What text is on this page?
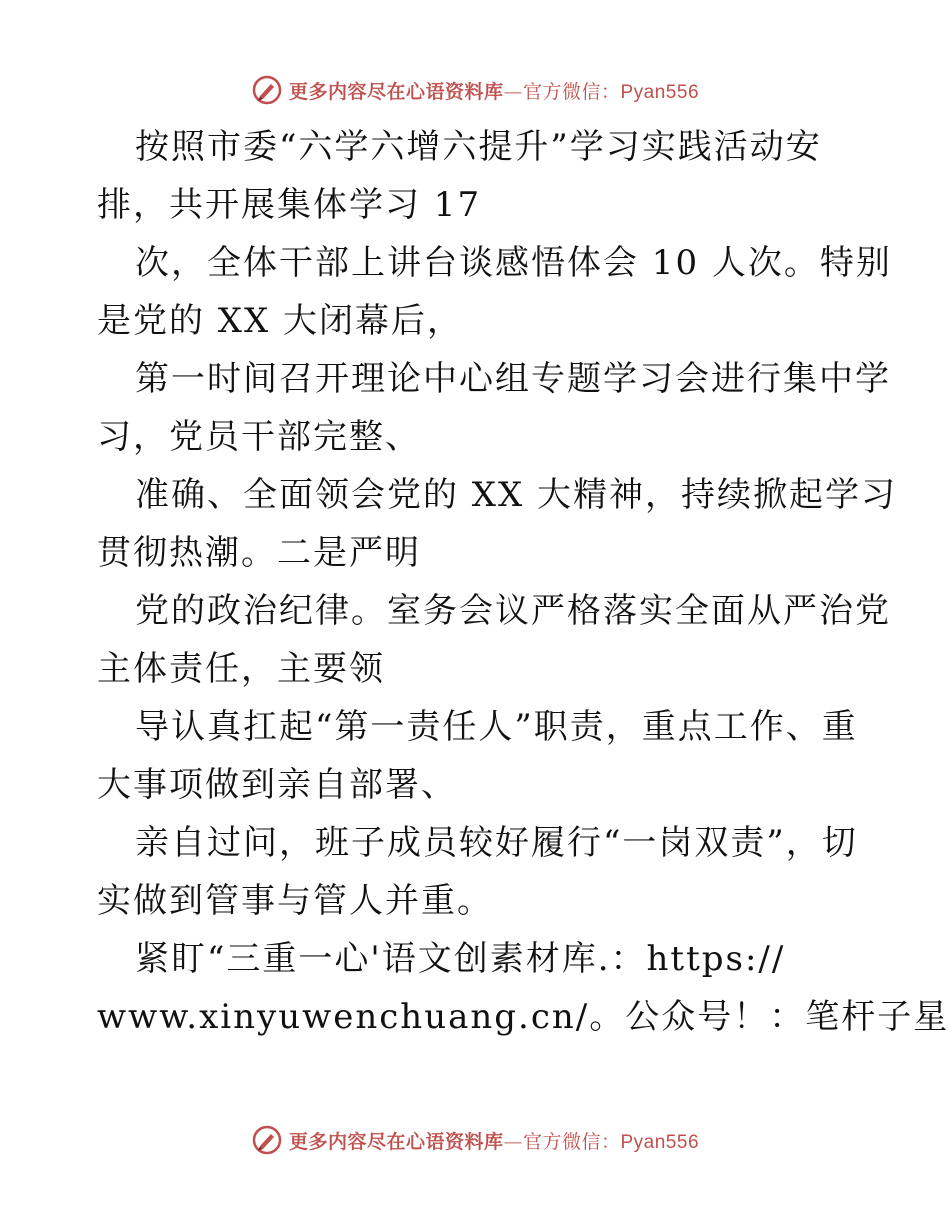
更多内容尽在心语资料库—官方微信：Pyan556
按照市委“六学六增六提升”学习实践活动安
排，共开展集体学习 17
次，全体干部上讲台谈感悟体会 10 人次。特别
是党的 XX 大闭幕后，
第一时间召开理论中心组专题学习会进行集中学
习，党员干部完整、
准确、全面领会党的 XX 大精神，持续掀起学习
贯彻热潮。二是严明
党的政治纪律。室务会议严格落实全面从严治党
主体责任，主要领
导认真扛起“第一责任人”职责，重点工作、重
大事项做到亲自部署、
亲自过问，班子成员较好履行“一岗双责”，切
实做到管事与管人并重。
紧盯“三重一心'语文创素材库.：https://
www.xinyuwenchuang.cn/。公众号！：笔杆子星
更多内容尽在心语资料库—官方微信：Pyan556
